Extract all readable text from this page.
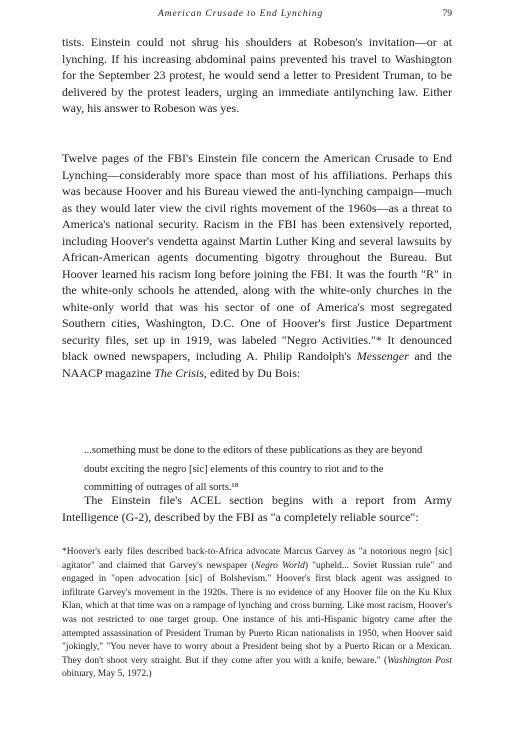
American Crusade to End Lynching	79

tists. Einstein could not shrug his shoulders at Robeson's invitation—or at lynching. If his increasing abdominal pains prevented his travel to Washington for the September 23 protest, he would send a letter to President Truman, to be delivered by the protest leaders, urging an immediate antilynching law. Either way, his answer to Robeson was yes.

Twelve pages of the FBI's Einstein file concern the American Crusade to End Lynching—considerably more space than most of his affiliations. Perhaps this was because Hoover and his Bureau viewed the anti-lynching campaign—much as they would later view the civil rights movement of the 1960s—as a threat to America's national security. Racism in the FBI has been extensively reported, including Hoover's vendetta against Martin Luther King and several lawsuits by African-American agents documenting bigotry throughout the Bureau. But Hoover learned his racism long before joining the FBI. It was the fourth "R" in the white-only schools he attended, along with the white-only churches in the white-only world that was his sector of one of America's most segregated Southern cities, Washington, D.C. One of Hoover's first Justice Department security files, set up in 1919, was labeled "Negro Activities."* It denounced black owned newspapers, including A. Philip Randolph's Messenger and the NAACP magazine The Crisis, edited by Du Bois:

...something must be done to the editors of these publications as they are beyond doubt exciting the negro [sic] elements of this country to riot and to the committing of outrages of all sorts.¹⁸

The Einstein file's ACEL section begins with a report from Army Intelligence (G-2), described by the FBI as "a completely reliable source":

*Hoover's early files described back-to-Africa advocate Marcus Garvey as "a notorious negro [sic] agitator" and claimed that Garvey's newspaper (Negro World) "upheld... Soviet Russian rule" and engaged in "open advocation [sic] of Bolshevism." Hoover's first black agent was assigned to infiltrate Garvey's movement in the 1920s. There is no evidence of any Hoover file on the Ku Klux Klan, which at that time was on a rampage of lynching and cross burning. Like most racism, Hoover's was not restricted to one target group. One instance of his anti-Hispanic bigotry came after the attempted assassination of President Truman by Puerto Rican nationalists in 1950, when Hoover said "jokingly," "You never have to worry about a President being shot by a Puerto Rican or a Mexican. They don't shoot very straight. But if they come after you with a knife, beware." (Washington Post obituary, May 5, 1972.)
